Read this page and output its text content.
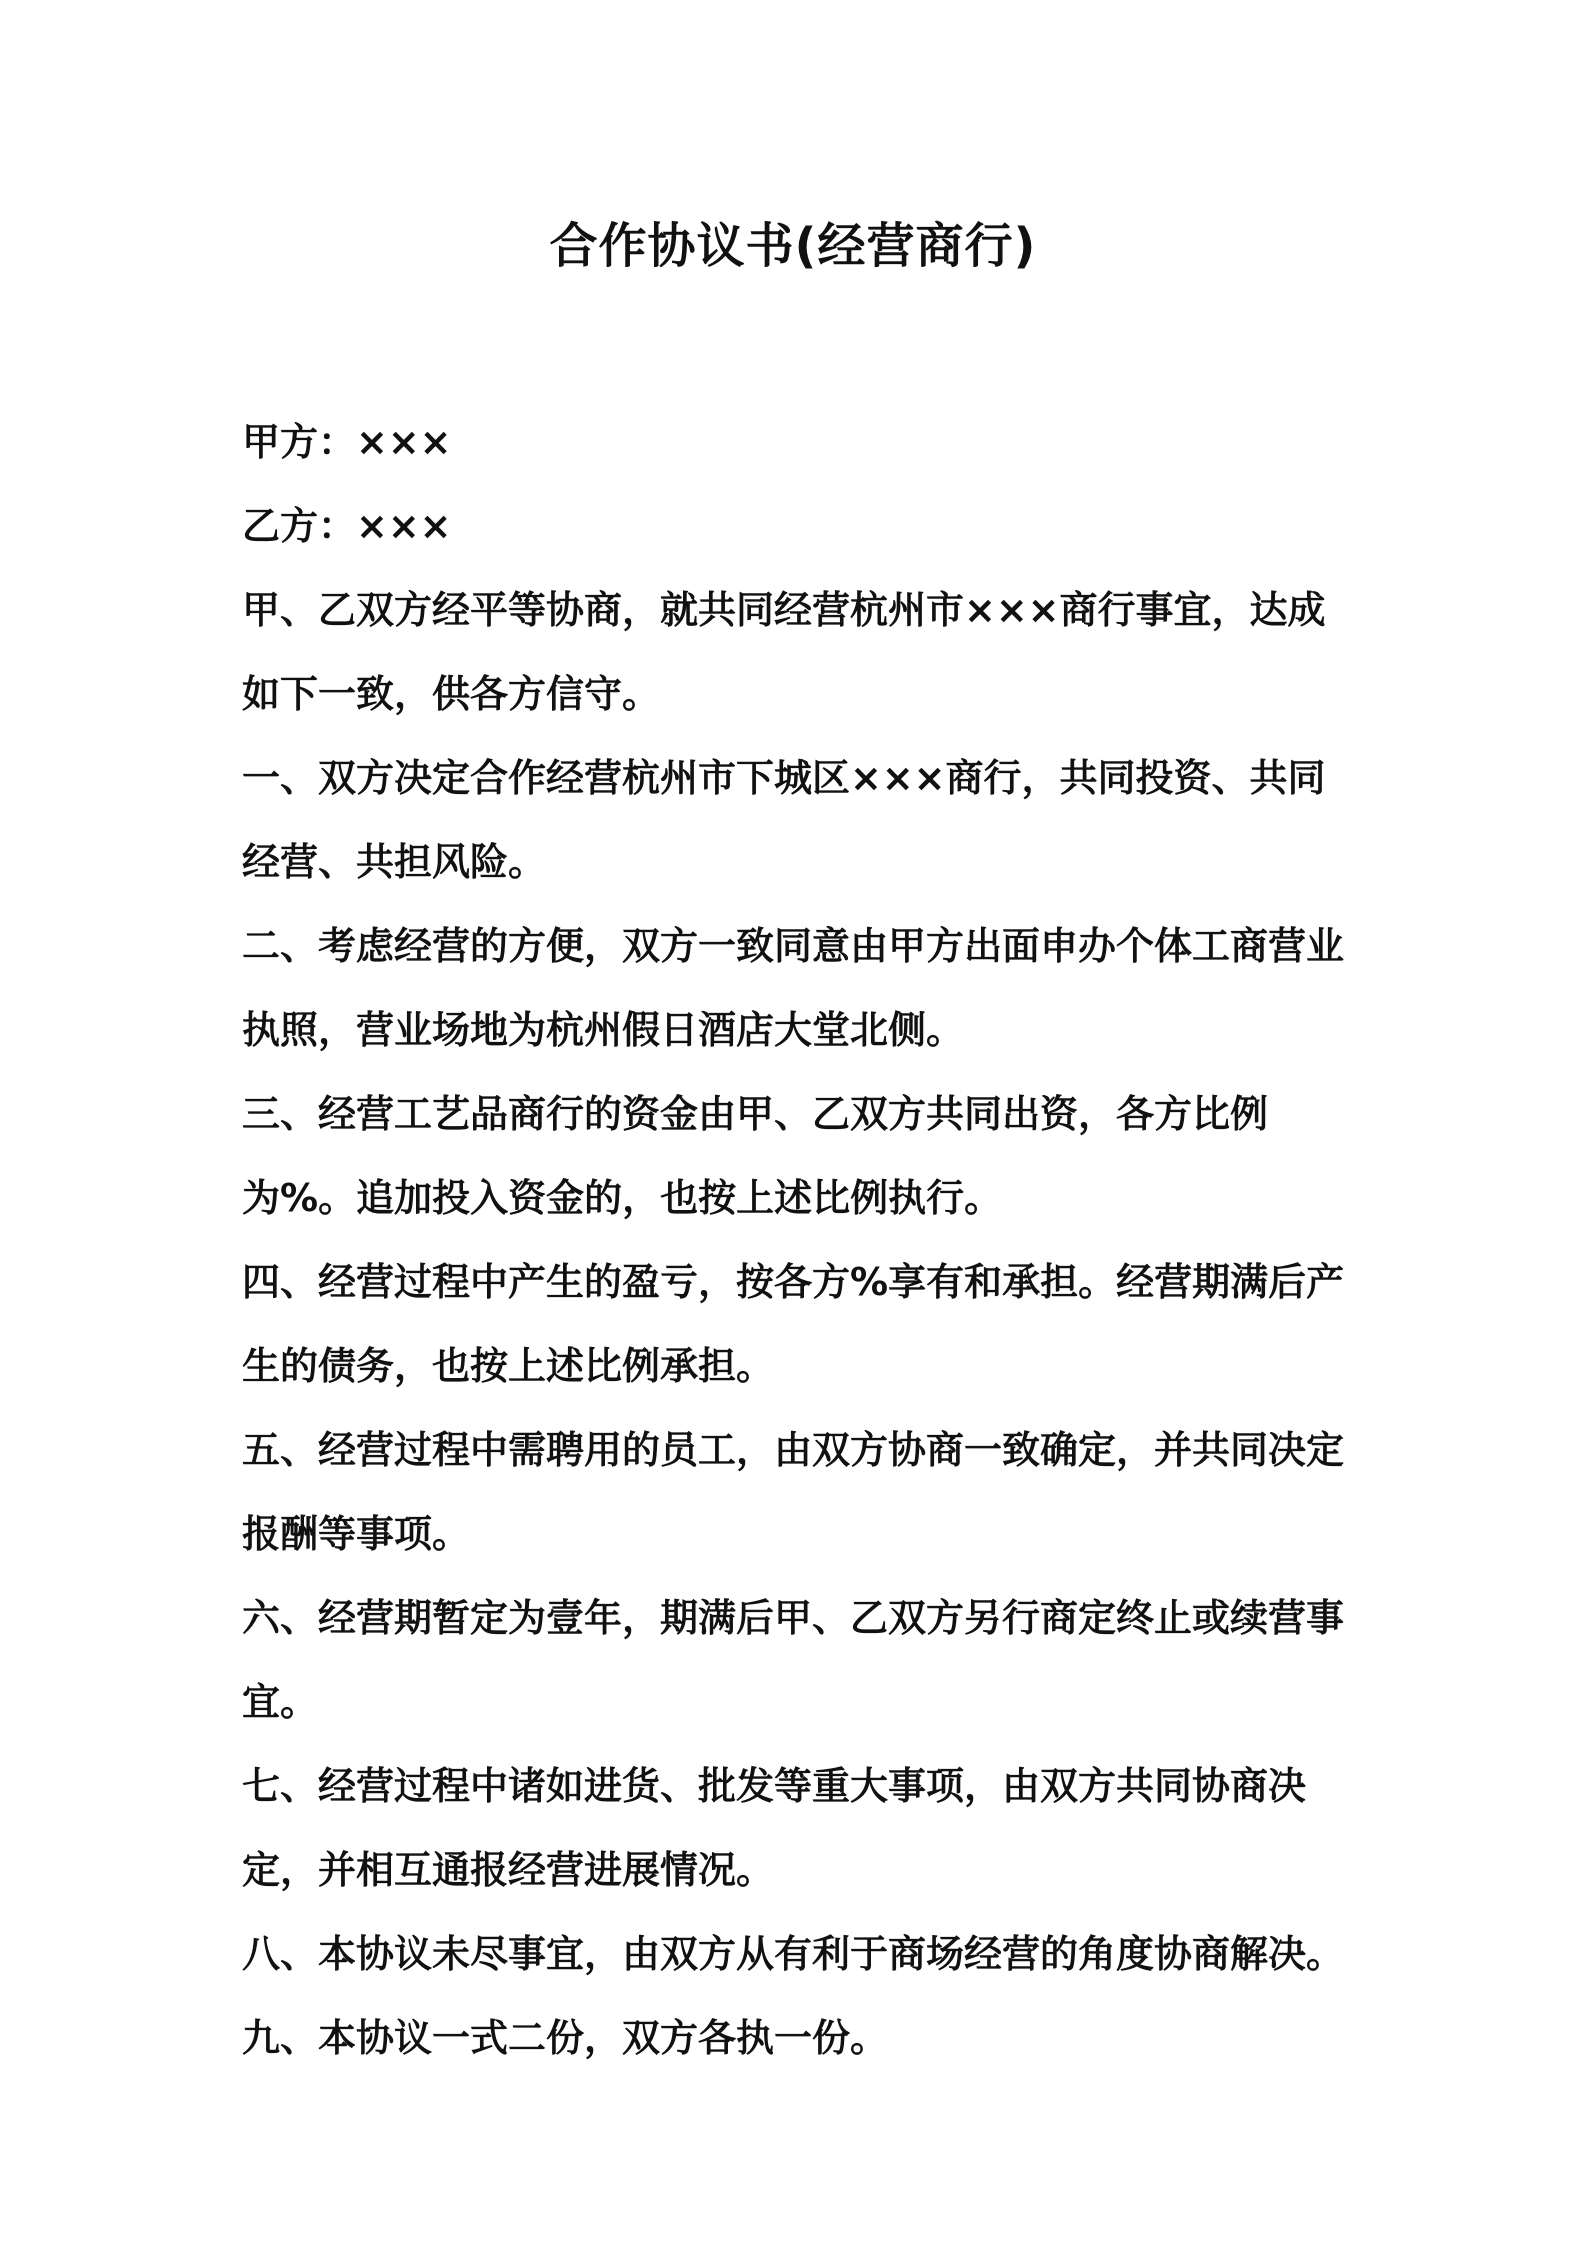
合作协议书(经营商行)

甲方：×××

乙方：×××

甲、乙双方经平等协商，就共同经营杭州市×××商行事宜，达成如下一致，供各方信守。

一、双方决定合作经营杭州市下城区×××商行，共同投资、共同经营、共担风险。

二、考虑经营的方便，双方一致同意由甲方出面申办个体工商营业执照，营业场地为杭州假日酒店大堂北侧。

三、经营工艺品商行的资金由甲、乙双方共同出资，各方比例为%。追加投入资金的，也按上述比例执行。

四、经营过程中产生的盈亏，按各方%享有和承担。经营期满后产生的债务，也按上述比例承担。

五、经营过程中需聘用的员工，由双方协商一致确定，并共同决定报酬等事项。

六、经营期暂定为壹年，期满后甲、乙双方另行商定终止或续营事宜。

七、经营过程中诸如进货、批发等重大事项，由双方共同协商决定，并相互通报经营进展情况。

八、本协议未尽事宜，由双方从有利于商场经营的角度协商解决。

九、本协议一式二份，双方各执一份。
